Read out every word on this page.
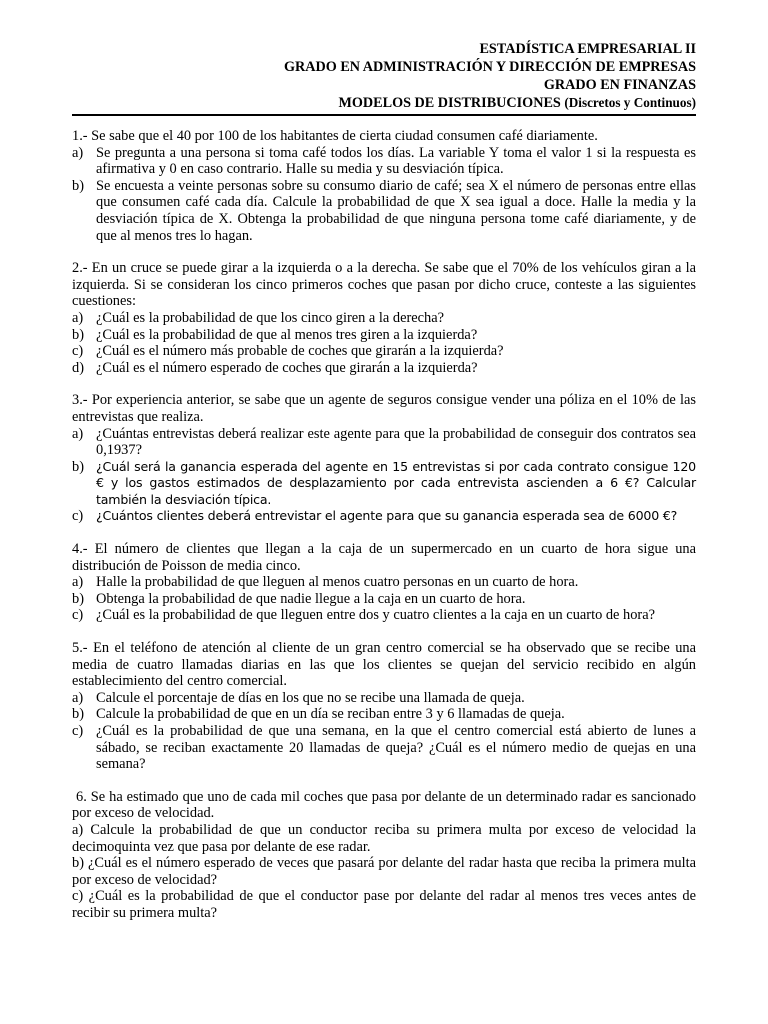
ESTADÍSTICA EMPRESARIAL II
GRADO EN ADMINISTRACIÓN Y DIRECCIÓN DE EMPRESAS
GRADO EN FINANZAS
MODELOS DE DISTRIBUCIONES (Discretos y Continuos)

1.- Se sabe que el 40 por 100 de los habitantes de cierta ciudad consumen café diariamente.

a) Se pregunta a una persona si toma café todos los días. La variable Y toma el valor 1 si la respuesta es afirmativa y 0 en caso contrario. Halle su media y su desviación típica.
b) Se encuesta a veinte personas sobre su consumo diario de café; sea X el número de personas entre ellas que consumen café cada día. Calcule la probabilidad de que X sea igual a doce. Halle la media y la desviación típica de X. Obtenga la probabilidad de que ninguna persona tome café diariamente, y de que al menos tres lo hagan.

2.- En un cruce se puede girar a la izquierda o a la derecha. Se sabe que el 70% de los vehículos giran a la izquierda. Si se consideran los cinco primeros coches que pasan por dicho cruce, conteste a las siguientes cuestiones:

a) ¿Cuál es la probabilidad de que los cinco giren a la derecha?
b) ¿Cuál es la probabilidad de que al menos tres giren a la izquierda?
c) ¿Cuál es el número más probable de coches que girarán a la izquierda?
d) ¿Cuál es el número esperado de coches que girarán a la izquierda?

3.- Por experiencia anterior, se sabe que un agente de seguros consigue vender una póliza en el 10% de las entrevistas que realiza.

a) ¿Cuántas entrevistas deberá realizar este agente para que la probabilidad de conseguir dos contratos sea 0,1937?
b) ¿Cuál será la ganancia esperada del agente en 15 entrevistas si por cada contrato consigue 120 € y los gastos estimados de desplazamiento por cada entrevista ascienden a 6 €? Calcular también la desviación típica.
c) ¿Cuántos clientes deberá entrevistar el agente para que su ganancia esperada sea de 6000 €?

4.- El número de clientes que llegan a la caja de un supermercado en un cuarto de hora sigue una distribución de Poisson de media cinco.

a) Halle la probabilidad de que lleguen al menos cuatro personas en un cuarto de hora.
b) Obtenga la probabilidad de que nadie llegue a la caja en un cuarto de hora.
c) ¿Cuál es la probabilidad de que lleguen entre dos y cuatro clientes a la caja en un cuarto de hora?

5.- En el teléfono de atención al cliente de un gran centro comercial se ha observado que se recibe una media de cuatro llamadas diarias en las que los clientes se quejan del servicio recibido en algún establecimiento del centro comercial.

a) Calcule el porcentaje de días en los que no se recibe una llamada de queja.
b) Calcule la probabilidad de que en un día se reciban entre 3 y 6 llamadas de queja.
c) ¿Cuál es la probabilidad de que una semana, en la que el centro comercial está abierto de lunes a sábado, se reciban exactamente 20 llamadas de queja? ¿Cuál es el número medio de quejas en una semana?

6. Se ha estimado que uno de cada mil coches que pasa por delante de un determinado radar es sancionado por exceso de velocidad.

a) Calcule la probabilidad de que un conductor reciba su primera multa por exceso de velocidad la decimoquinta vez que pasa por delante de ese radar.

b) ¿Cuál es el número esperado de veces que pasará por delante del radar hasta que reciba la primera multa por exceso de velocidad?

c) ¿Cuál es la probabilidad de que el conductor pase por delante del radar al menos tres veces antes de recibir su primera multa?
